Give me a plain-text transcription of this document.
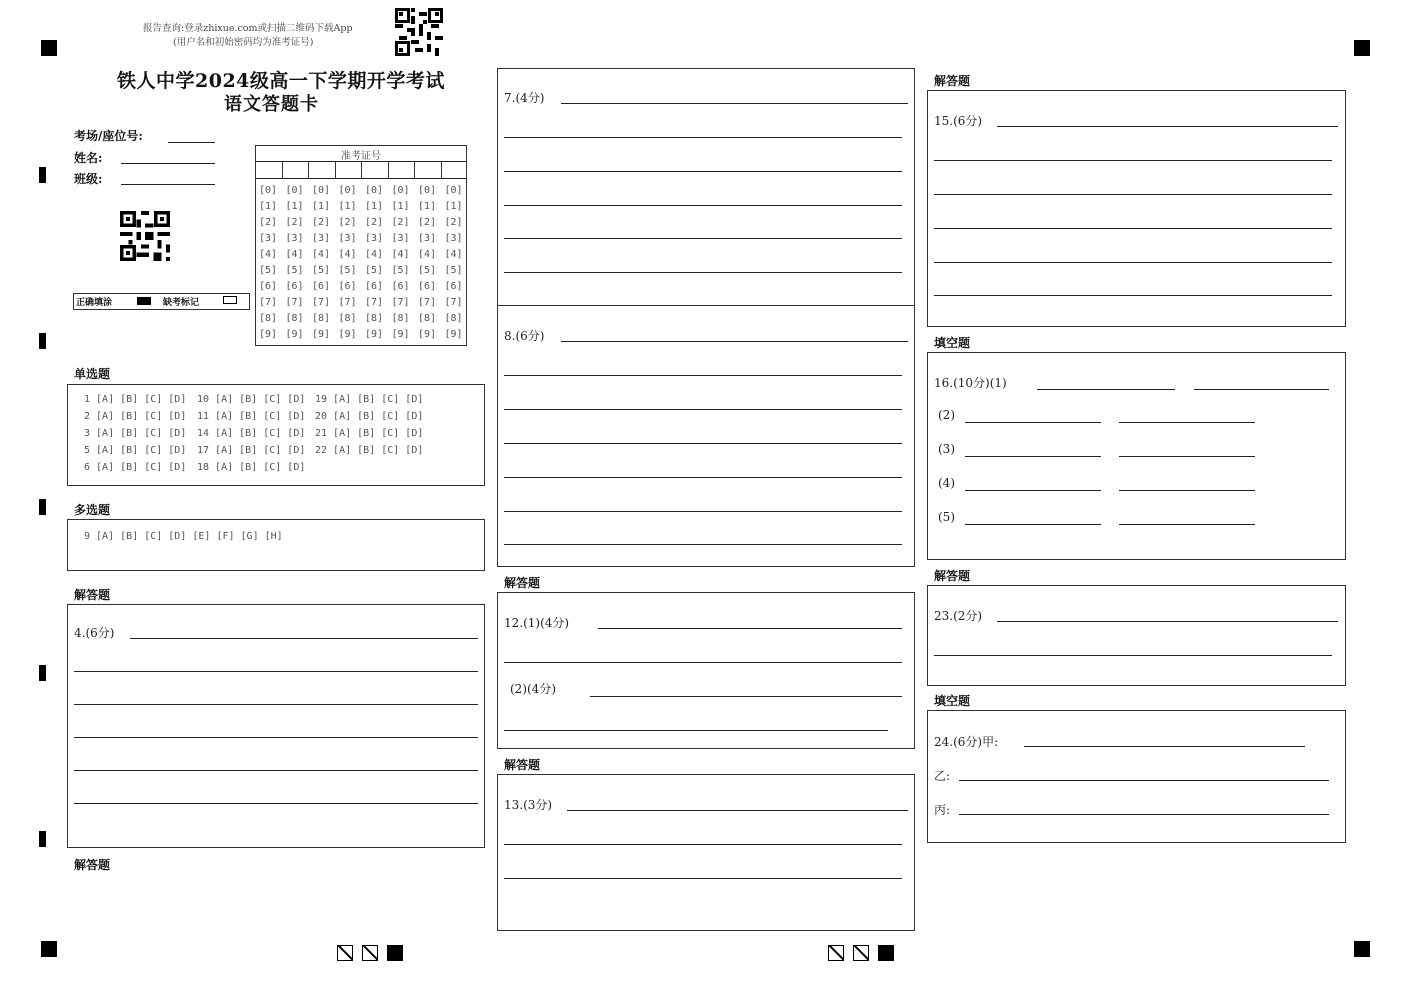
报告查询:登录zhixue.com或扫描二维码下载App
(用户名和初始密码均为准考证号)
铁人中学2024级高一下学期开学考试
语文答题卡
考场/座位号:
姓名:
班级:
正确填涂	缺考标记
准考证号
[0]
[1]
[2]
[3]
[4]
[5]
[6]
[7]
[8]
[9]
[0]
[1]
[2]
[3]
[4]
[5]
[6]
[7]
[8]
[9]
[0]
[1]
[2]
[3]
[4]
[5]
[6]
[7]
[8]
[9]
[0]
[1]
[2]
[3]
[4]
[5]
[6]
[7]
[8]
[9]
[0]
[1]
[2]
[3]
[4]
[5]
[6]
[7]
[8]
[9]
[0]
[1]
[2]
[3]
[4]
[5]
[6]
[7]
[8]
[9]
[0]
[1]
[2]
[3]
[4]
[5]
[6]
[7]
[8]
[9]
[0]
[1]
[2]
[3]
[4]
[5]
[6]
[7]
[8]
[9]
单选题
1 [A] [B] [C] [D]
2 [A] [B] [C] [D]
3 [A] [B] [C] [D]
5 [A] [B] [C] [D]
6 [A] [B] [C] [D]
10 [A] [B] [C] [D]
11 [A] [B] [C] [D]
14 [A] [B] [C] [D]
17 [A] [B] [C] [D]
18 [A] [B] [C] [D]
19 [A] [B] [C] [D]
20 [A] [B] [C] [D]
21 [A] [B] [C] [D]
22 [A] [B] [C] [D]
多选题
9 [A] [B] [C] [D] [E] [F] [G] [H]
解答题
4.(6分)
解答题
7.(4分)
8.(6分)
解答题
12.(1)(4分)
(2)(4分)
解答题
13.(3分)
解答题
15.(6分)
填空题
16.(10分)(1)
(2)
(3)
(4)
(5)
解答题
23.(2分)
填空题
24.(6分)甲:
乙:
丙:
